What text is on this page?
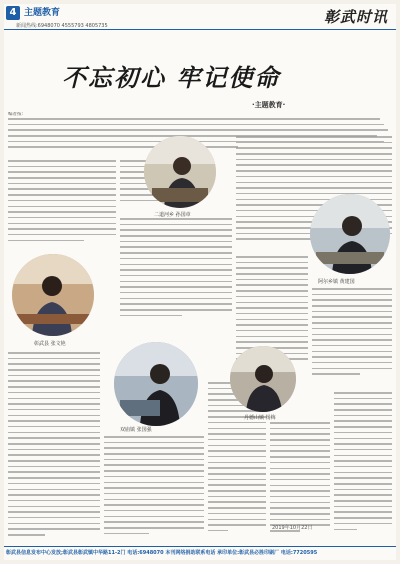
4 主题教育
新闻热线:6948070 4555793 4805735	彰武时讯
不忘初心 牢记使命
·主题教育·
编者按:
二道河乡 孙国章
阿尔乡镇 黄建国
彰武县 张文艳
双庙镇 张国强
丹德山镇 杨梅
2019年10月22日
彰武县信息发布中心发放;彰武县彰武镇中华路11-2门 电话:6948070 本刊网络捐助联系电话 承印单位:彰武县必胜印刷厂 电话:7720595
